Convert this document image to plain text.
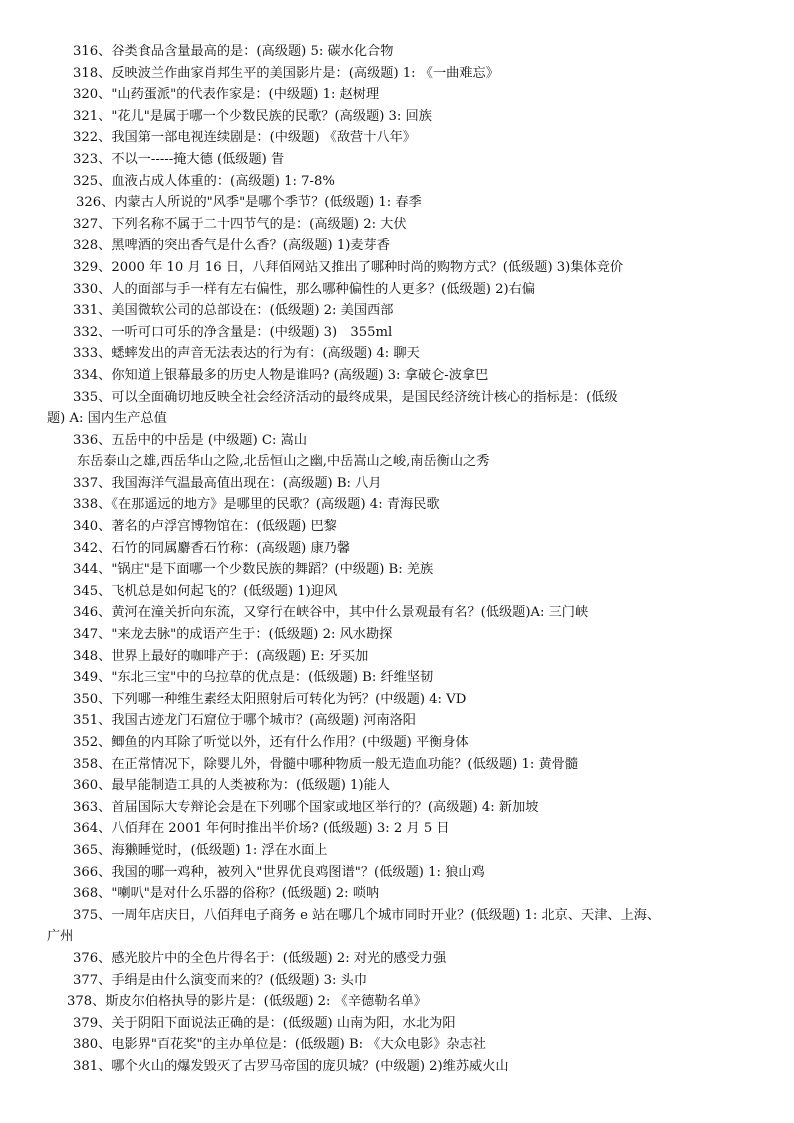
316、谷类食品含量最高的是：(高级题) 5: 碳水化合物
318、反映波兰作曲家肖邦生平的美国影片是：(高级题) 1: 《一曲难忘》
320、"山药蛋派"的代表作家是：(中级题) 1: 赵树理
321、"花儿"是属于哪一个少数民族的民歌？(高级题) 3: 回族
322、我国第一部电视连续剧是：(中级题) 《敌营十八年》
323、不以一-----掩大德 (低级题) 眚
325、血液占成人体重的：(高级题) 1: 7-8%
326、内蒙古人所说的"风季"是哪个季节？(低级题) 1: 春季
327、下列名称不属于二十四节气的是：(高级题) 2: 大伏
328、黑啤酒的突出香气是什么香？(高级题) 1)麦芽香
329、2000 年 10 月 16 日，八拜佰网站又推出了哪种时尚的购物方式？(低级题) 3)集体竞价
330、人的面部与手一样有左右偏性，那么哪种偏性的人更多？(低级题) 2)右偏
331、美国微软公司的总部设在：(低级题) 2: 美国西部
332、一听可口可乐的净含量是：(中级题) 3)　355ml
333、蟋蟀发出的声音无法表达的行为有：(高级题) 4: 聊天
334、你知道上银幕最多的历史人物是谁吗? (高级题) 3: 拿破仑-波拿巴
335、可以全面确切地反映全社会经济活动的最终成果，是国民经济统计核心的指标是：(低级
题) A: 国内生产总值
336、五岳中的中岳是 (中级题) C: 嵩山
东岳泰山之雄,西岳华山之险,北岳恒山之幽,中岳嵩山之峻,南岳衡山之秀
337、我国海洋气温最高值出现在：(高级题) B: 八月
338、《在那遥远的地方》是哪里的民歌？(高级题) 4: 青海民歌
340、著名的卢浮宫博物馆在：(低级题) 巴黎
342、石竹的同属麝香石竹称：(高级题) 康乃馨
344、"锅庄"是下面哪一个少数民族的舞蹈？(中级题) B: 羌族
345、飞机总是如何起飞的？(低级题) 1)迎风
346、黄河在潼关折向东流，又穿行在峡谷中，其中什么景观最有名？(低级题)A: 三门峡
347、"来龙去脉"的成语产生于：(低级题) 2: 风水勘探
348、世界上最好的咖啡产于：(高级题) E: 牙买加
349、"东北三宝"中的乌拉草的优点是：(低级题) B: 纤维坚韧
350、下列哪一种维生素经太阳照射后可转化为钙？(中级题) 4: VD
351、我国古迹龙门石窟位于哪个城市？(高级题) 河南洛阳
352、鲫鱼的内耳除了听觉以外，还有什么作用？(中级题) 平衡身体
358、在正常情况下，除婴儿外，骨髓中哪种物质一般无造血功能？(低级题) 1: 黄骨髓
360、最早能制造工具的人类被称为：(低级题) 1)能人
363、首届国际大专辩论会是在下列哪个国家或地区举行的？(高级题) 4: 新加坡
364、八佰拜在 2001 年何时推出半价场? (低级题) 3: 2 月 5 日
365、海獭睡觉时，(低级题) 1: 浮在水面上
366、我国的哪一鸡种，被列入"世界优良鸡图谱"？(低级题) 1: 狼山鸡
368、"喇叭"是对什么乐器的俗称？(低级题) 2: 唢呐
375、一周年店庆日，八佰拜电子商务 e 站在哪几个城市同时开业？(低级题) 1: 北京、天津、上海、
广州
376、感光胶片中的全色片得名于：(低级题) 2: 对光的感受力强
377、手绢是由什么演变而来的？(低级题) 3: 头巾
378、斯皮尔伯格执导的影片是：(低级题) 2: 《辛德勒名单》
379、关于阴阳下面说法正确的是：(低级题) 山南为阳，水北为阳
380、电影界"百花奖"的主办单位是：(低级题) B: 《大众电影》杂志社
381、哪个火山的爆发毁灭了古罗马帝国的庞贝城？(中级题) 2)维苏威火山
